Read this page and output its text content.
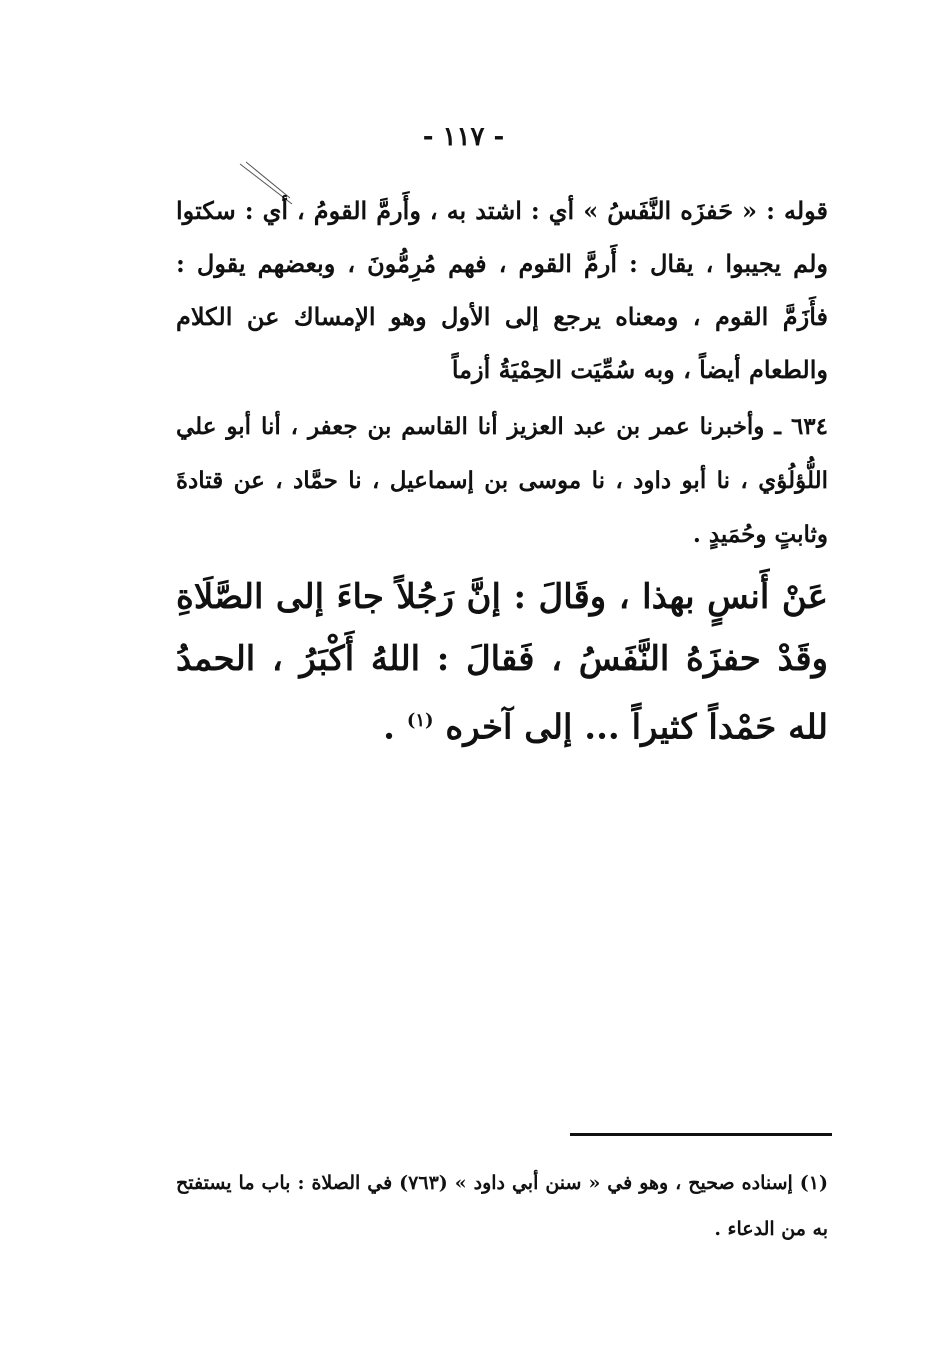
- ١١٧ -
قوله : « حَفزَه النَّفَسُ » أي : اشتد به ، وأَرمَّ القومُ ، أي : سكتوا ولم يجيبوا ، يقال : أَرمَّ القوم ، فهم مُرِمُّونَ ، وبعضهم يقول : فأَزَمَّ القوم ، ومعناه يرجع إلى الأول وهو الإمساك عن الكلام والطعام أيضاً ، وبه سُمِّيَت الحِمْيَةُ أزماً
٦٣٤ ـ وأخبرنا عمر بن عبد العزيز أنا القاسم بن جعفر ، أنا أبو علي اللُّؤلُؤي ، نا أبو داود ، نا موسى بن إسماعيل ، نا حمَّاد ، عن قتادةَ وثابتٍ وحُمَيدٍ .
عَنْ أَنسٍ بهذا ، وقَالَ : إنَّ رَجُلاً جاءَ إلى الصَّلَاةِ وقَدْ حفزَهُ النَّفَسُ ، فَقالَ : اللهُ أَكْبَرُ ، الحمدُ لله حَمْداً كثيراً ... إلى آخره $^{(١)}$ .
(١) إسناده صحيح ، وهو في « سنن أبي داود » (٧٦٣) في الصلاة : باب ما يستفتح به من الدعاء .
